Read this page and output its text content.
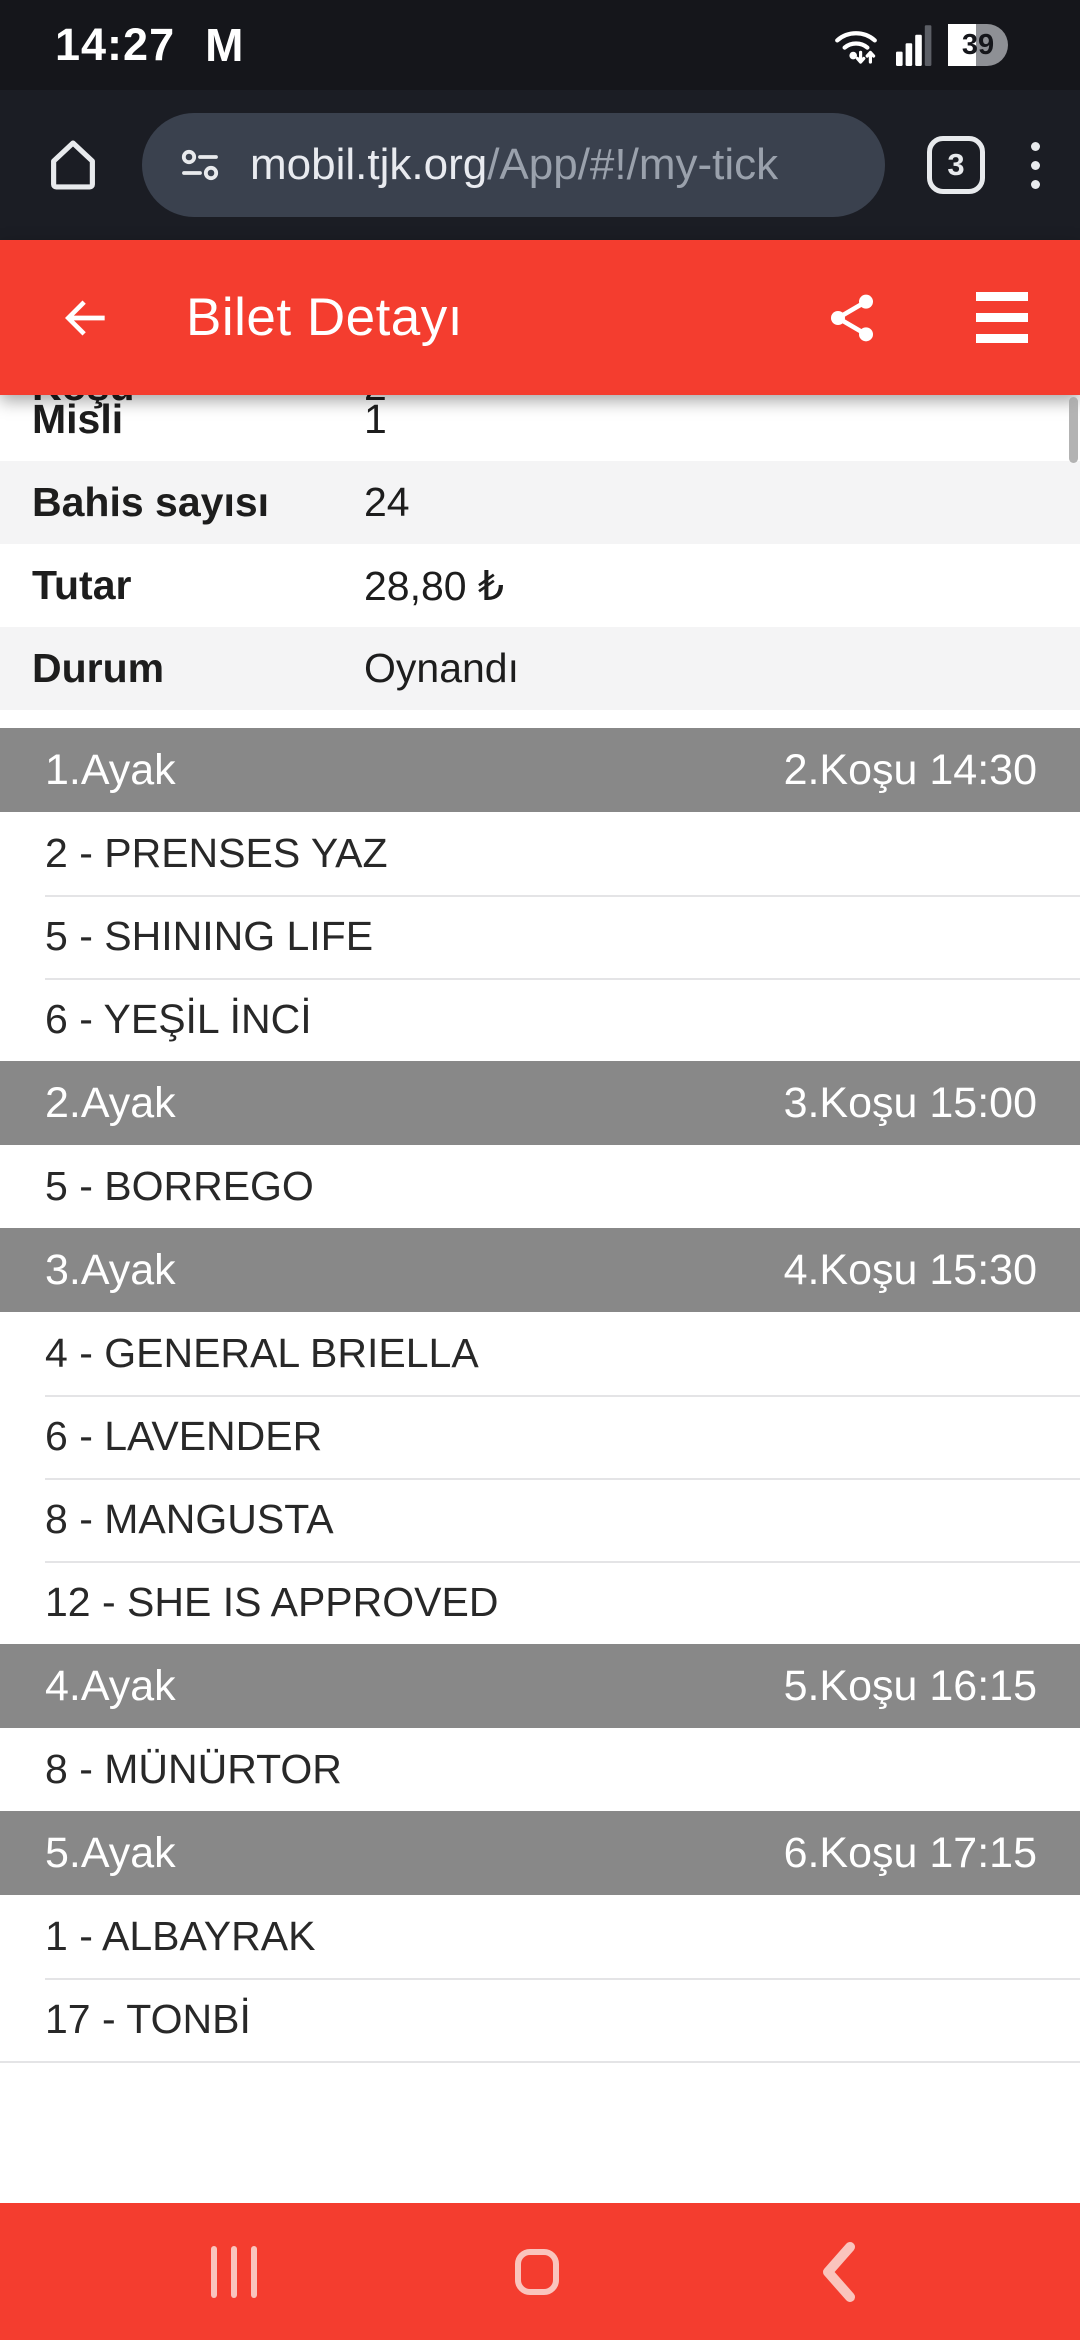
14:27 M	39
mobil.tjk.org/App/#!/my-tick	3
Bilet Detayı
Misli	1
Bahis sayısı	24
Tutar	28,80 ₺
Durum	Oynandı
1.Ayak	2.Koşu 14:30
2 - PRENSES YAZ
5 - SHINING LIFE
6 - YEŞİL İNCİ
2.Ayak	3.Koşu 15:00
5 - BORREGO
3.Ayak	4.Koşu 15:30
4 - GENERAL BRIELLA
6 - LAVENDER
8 - MANGUSTA
12 - SHE IS APPROVED
4.Ayak	5.Koşu 16:15
8 - MÜNÜRTOR
5.Ayak	6.Koşu 17:15
1 - ALBAYRAK
17 - TONBİ
